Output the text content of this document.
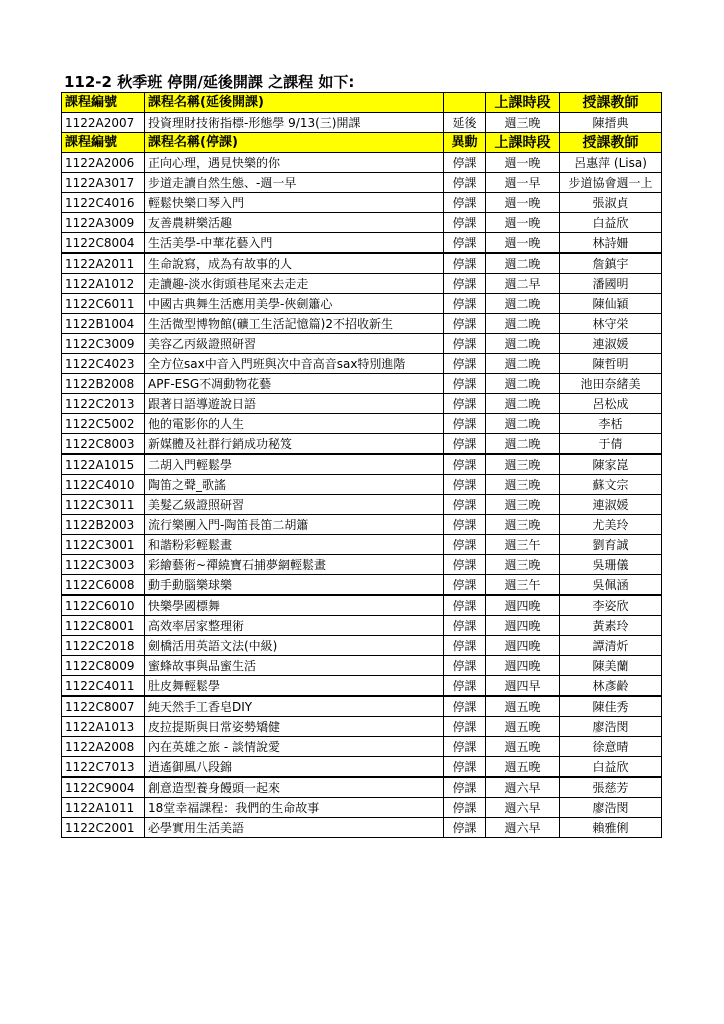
112-2 秋季班 停開/延後開課 之課程 如下:
課程編號	課程名稱(延後開課)		上課時段	授課教師
1122A2007	投資理財技術指標-形態學 9/13(三)開課	延後	週三晚	陳搢典
課程編號	課程名稱(停課)	異動	上課時段	授課教師
1122A2006	正向心理，遇見快樂的你	停課	週一晚	呂惠萍 (Lisa)
1122A3017	步道走讀自然生態、-週一早	停課	週一早	步道協會週一上
1122C4016	輕鬆快樂口琴入門	停課	週一晚	張淑貞
1122A3009	友善農耕樂活趣	停課	週一晚	白益欣
1122C8004	生活美學-中華花藝入門	停課	週一晚	林詩姍
1122A2011	生命說寫，成為有故事的人	停課	週二晚	詹鎮宇
1122A1012	走讀趣-淡水街頭巷尾來去走走	停課	週二早	潘國明
1122C6011	中國古典舞生活應用美學-俠劍簫心	停課	週二晚	陳仙穎
1122B1004	生活微型博物館(礦工生活記憶篇)2不招收新生	停課	週二晚	林守栄
1122C3009	美容乙丙級證照研習	停課	週二晚	連淑媛
1122C4023	全方位sax中音入門班與次中音高音sax特別進階	停課	週二晚	陳哲明
1122B2008	APF-ESG不凋動物花藝	停課	週二晚	池田奈緒美
1122C2013	跟著日語導遊說日語	停課	週二晚	呂松成
1122C5002	他的電影你的人生	停課	週二晚	李栝
1122C8003	新媒體及社群行銷成功秘笈	停課	週二晚	于倩
1122A1015	二胡入門輕鬆學	停課	週三晚	陳家崑
1122C4010	陶笛之聲_歌謠	停課	週三晚	蘇文宗
1122C3011	美髮乙級證照研習	停課	週三晚	連淑媛
1122B2003	流行樂團入門-陶笛長笛二胡簫	停課	週三晚	尤美玲
1122C3001	和諧粉彩輕鬆畫	停課	週三午	劉育誠
1122C3003	彩繪藝術~禪繞寶石捕夢網輕鬆畫	停課	週三晚	吳珊儀
1122C6008	動手動腦樂球樂	停課	週三午	吳佩涵
1122C6010	快樂學國標舞	停課	週四晚	李姿欣
1122C8001	高效率居家整理術	停課	週四晚	黃素玲
1122C2018	劍橋活用英語文法(中級)	停課	週四晚	譚清炘
1122C8009	蜜蜂故事與品蜜生活	停課	週四晚	陳美蘭
1122C4011	肚皮舞輕鬆學	停課	週四早	林彥齡
1122C8007	純天然手工香皂DIY	停課	週五晚	陳佳秀
1122A1013	皮拉提斯與日常姿勢矯健	停課	週五晚	廖浩閔
1122A2008	內在英雄之旅 - 談情說愛	停課	週五晚	徐意晴
1122C7013	逍遙御風八段錦	停課	週五晚	白益欣
1122C9004	創意造型養身饅頭一起來	停課	週六早	張慈芳
1122A1011	18堂幸福課程：我們的生命故事	停課	週六早	廖浩閔
1122C2001	必學實用生活美語	停課	週六早	賴雅俐
